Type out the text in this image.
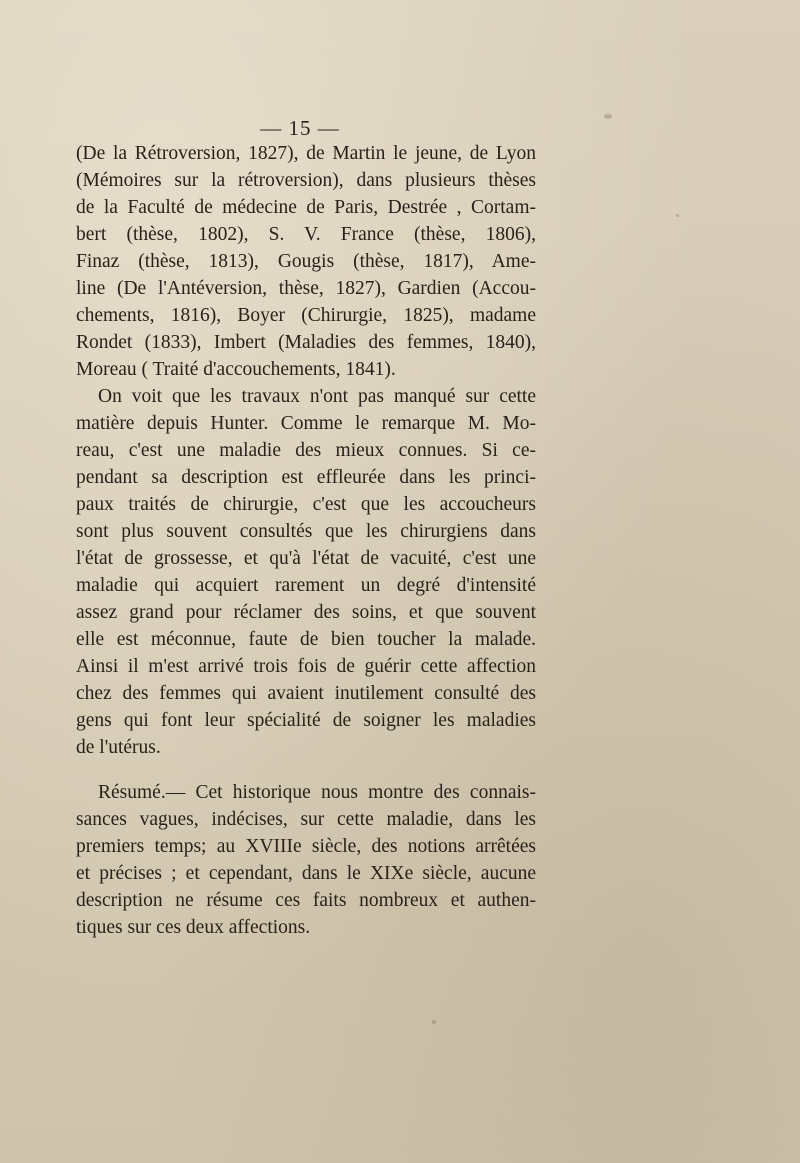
— 15 —
(De la Rétroversion, 1827), de Martin le jeune, de Lyon
(Mémoires sur la rétroversion), dans plusieurs thèses
de la Faculté de médecine de Paris, Destrée , Cortam-
bert (thèse, 1802), S. V. France (thèse, 1806),
Finaz (thèse, 1813), Gougis (thèse, 1817), Ame-
line (De l'Antéversion, thèse, 1827), Gardien (Accou-
chements, 1816), Boyer (Chirurgie, 1825), madame
Rondet (1833), Imbert (Maladies des femmes, 1840),
Moreau ( Traité d'accouchements, 1841).
On voit que les travaux n'ont pas manqué sur cette
matière depuis Hunter. Comme le remarque M. Mo-
reau, c'est une maladie des mieux connues. Si ce-
pendant sa description est effleurée dans les princi-
paux traités de chirurgie, c'est que les accoucheurs
sont plus souvent consultés que les chirurgiens dans
l'état de grossesse, et qu'à l'état de vacuité, c'est une
maladie qui acquiert rarement un degré d'intensité
assez grand pour réclamer des soins, et que souvent
elle est méconnue, faute de bien toucher la malade.
Ainsi il m'est arrivé trois fois de guérir cette affection
chez des femmes qui avaient inutilement consulté des
gens qui font leur spécialité de soigner les maladies
de l'utérus.
Résumé.— Cet historique nous montre des connais-
sances vagues, indécises, sur cette maladie, dans les
premiers temps; au XVIIIe siècle, des notions arrêtées
et précises ; et cependant, dans le XIXe siècle, aucune
description ne résume ces faits nombreux et authen-
tiques sur ces deux affections.
